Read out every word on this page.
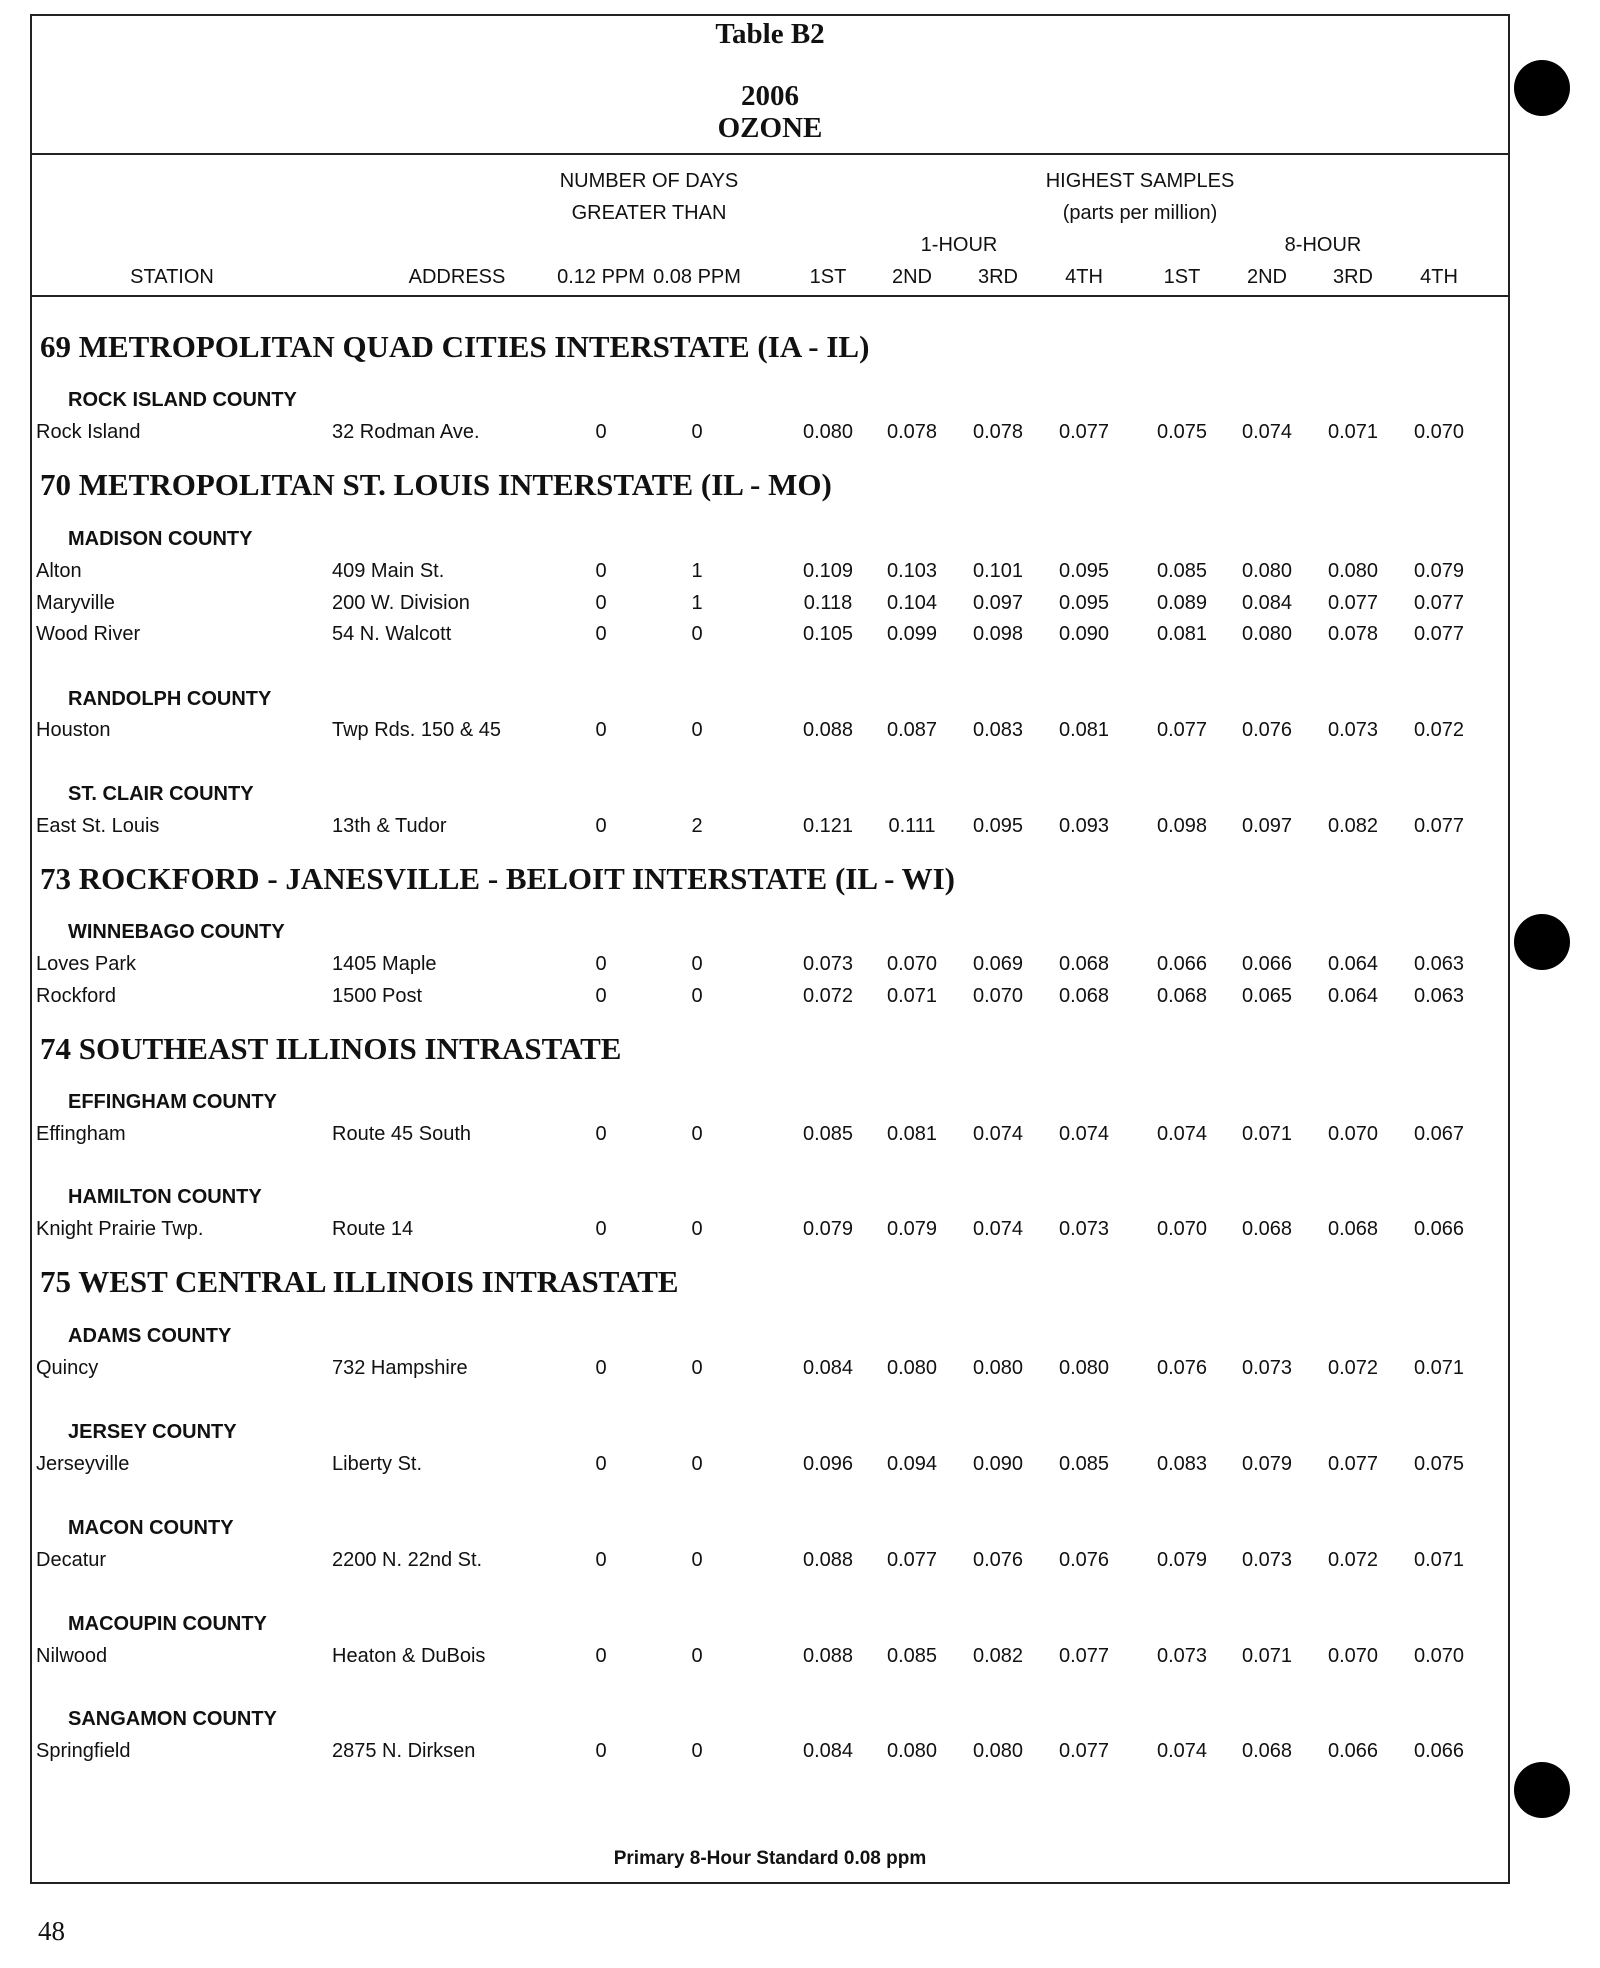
Table B2
2006
OZONE
NUMBER OF DAYS
GREATER THAN
HIGHEST SAMPLES
(parts per million)
1-HOUR	8-HOUR
STATION	ADDRESS	0.12 PPM 0.08 PPM	1ST 2ND 3RD 4TH	1ST 2ND 3RD 4TH
69 METROPOLITAN QUAD CITIES INTERSTATE (IA - IL)
ROCK ISLAND COUNTY
Rock Island	32 Rodman Ave.	0	0	0.080 0.078 0.078 0.077 0.075 0.074 0.071 0.070
70 METROPOLITAN ST. LOUIS INTERSTATE (IL - MO)
MADISON COUNTY
Alton	409 Main St.	0	1	0.109 0.103 0.101 0.095 0.085 0.080 0.080 0.079
Maryville	200 W. Division	0	1	0.118 0.104 0.097 0.095 0.089 0.084 0.077 0.077
Wood River	54 N. Walcott	0	0	0.105 0.099 0.098 0.090 0.081 0.080 0.078 0.077
RANDOLPH COUNTY
Houston	Twp Rds. 150 & 45	0	0	0.088 0.087 0.083 0.081 0.077 0.076 0.073 0.072
ST. CLAIR COUNTY
East St. Louis	13th & Tudor	0	2	0.121 0.111 0.095 0.093 0.098 0.097 0.082 0.077
73 ROCKFORD - JANESVILLE - BELOIT INTERSTATE (IL - WI)
WINNEBAGO COUNTY
Loves Park	1405 Maple	0	0	0.073 0.070 0.069 0.068 0.066 0.066 0.064 0.063
Rockford	1500 Post	0	0	0.072 0.071 0.070 0.068 0.068 0.065 0.064 0.063
74 SOUTHEAST ILLINOIS INTRASTATE
EFFINGHAM COUNTY
Effingham	Route 45 South	0	0	0.085 0.081 0.074 0.074 0.074 0.071 0.070 0.067
HAMILTON COUNTY
Knight Prairie Twp.	Route 14	0	0	0.079 0.079 0.074 0.073 0.070 0.068 0.068 0.066
75 WEST CENTRAL ILLINOIS INTRASTATE
ADAMS COUNTY
Quincy	732 Hampshire	0	0	0.084 0.080 0.080 0.080 0.076 0.073 0.072 0.071
JERSEY COUNTY
Jerseyville	Liberty St.	0	0	0.096 0.094 0.090 0.085 0.083 0.079 0.077 0.075
MACON COUNTY
Decatur	2200 N. 22nd St.	0	0	0.088 0.077 0.076 0.076 0.079 0.073 0.072 0.071
MACOUPIN COUNTY
Nilwood	Heaton & DuBois	0	0	0.088 0.085 0.082 0.077 0.073 0.071 0.070 0.070
SANGAMON COUNTY
Springfield	2875 N. Dirksen	0	0	0.084 0.080 0.080 0.077 0.074 0.068 0.066 0.066
Primary 8-Hour Standard 0.08 ppm
48
